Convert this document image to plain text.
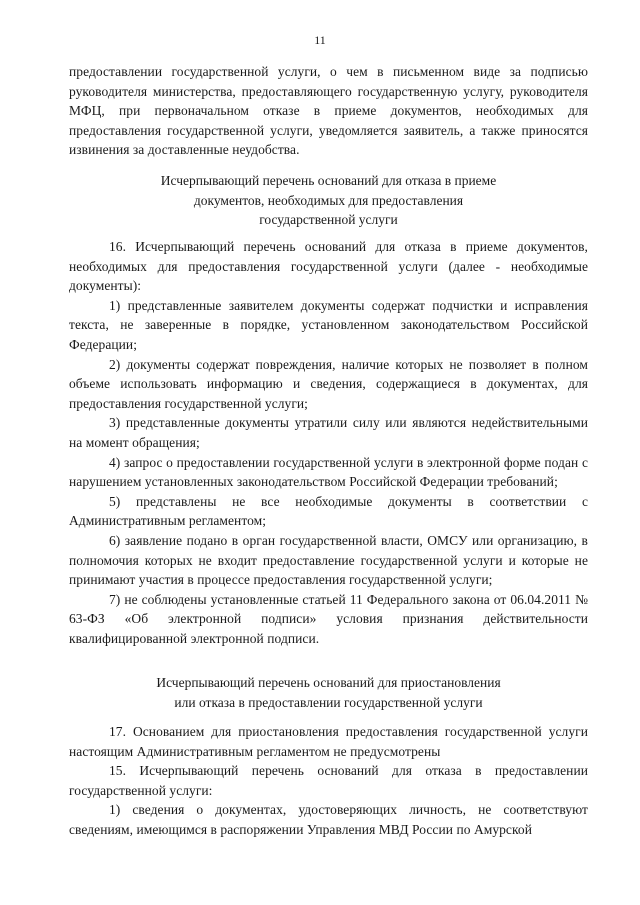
11

предоставлении государственной услуги, о чем в письменном виде за подписью руководителя министерства, предоставляющего государственную услугу, руководителя МФЦ, при первоначальном отказе в приеме документов, необходимых для предоставления государственной услуги, уведомляется заявитель, а также приносятся извинения за доставленные неудобства.

Исчерпывающий перечень оснований для отказа в приеме
документов, необходимых для предоставления
государственной услуги

16. Исчерпывающий перечень оснований для отказа в приеме документов, необходимых для предоставления государственной услуги (далее - необходимые документы):

1) представленные заявителем документы содержат подчистки и исправления текста, не заверенные в порядке, установленном законодательством Российской Федерации;

2) документы содержат повреждения, наличие которых не позволяет в полном объеме использовать информацию и сведения, содержащиеся в документах, для предоставления государственной услуги;

3) представленные документы утратили силу или являются недействительными на момент обращения;

4) запрос о предоставлении государственной услуги в электронной форме подан с нарушением установленных законодательством Российской Федерации требований;

5) представлены не все необходимые документы в соответствии с Административным регламентом;

6) заявление подано в орган государственной власти, ОМСУ или организацию, в полномочия которых не входит предоставление государственной услуги и которые не принимают участия в процессе предоставления государственной услуги;

7) не соблюдены установленные статьей 11 Федерального закона от 06.04.2011 № 63-ФЗ «Об электронной подписи» условия признания действительности квалифицированной электронной подписи.

Исчерпывающий перечень оснований для приостановления
или отказа в предоставлении государственной услуги

17. Основанием для приостановления предоставления государственной услуги настоящим Административным регламентом не предусмотрены

15. Исчерпывающий перечень оснований для отказа в предоставлении государственной услуги:

1) сведения о документах, удостоверяющих личность, не соответствуют сведениям, имеющимся в распоряжении Управления МВД России по Амурской
